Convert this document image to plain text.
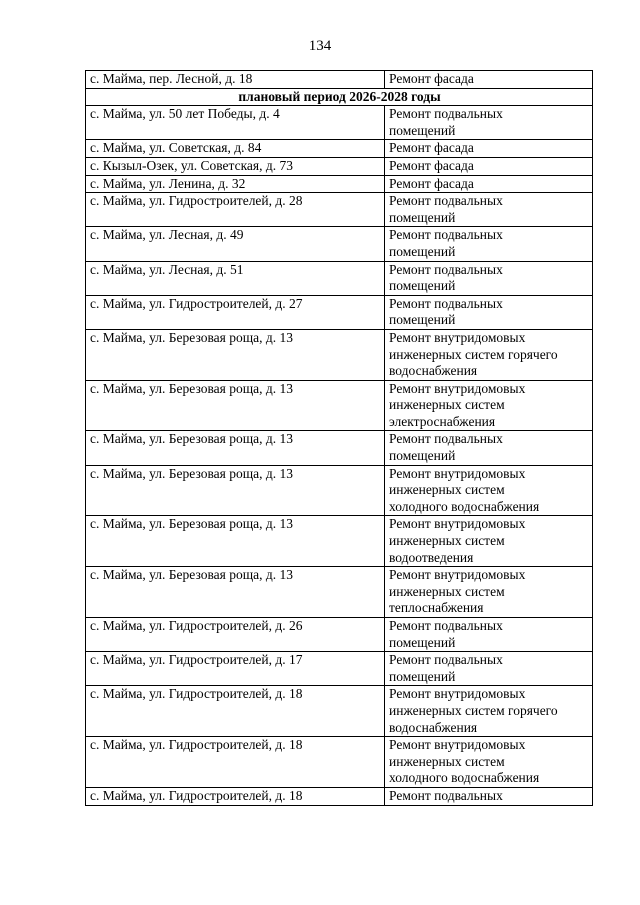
134
с. Майма, пер. Лесной, д. 18	Ремонт фасада

плановый период 2026-2028 годы	
с. Майма, ул. 50 лет Победы, д. 4	Ремонт подвальных
помещений

с. Майма, ул. Советская, д. 84	Ремонт фасада

с. Кызыл-Озек, ул. Советская, д. 73	Ремонт фасада

с. Майма, ул. Ленина, д. 32	Ремонт фасада

с. Майма, ул. Гидростроителей, д. 28	Ремонт подвальных
помещений

с. Майма, ул. Лесная, д. 49	Ремонт подвальных
помещений

с. Майма, ул. Лесная, д. 51	Ремонт подвальных
помещений

с. Майма, ул. Гидростроителей, д. 27	Ремонт подвальных
помещений

с. Майма, ул. Березовая роща, д. 13	Ремонт внутридомовых
инженерных систем горячего
водоснабжения

с. Майма, ул. Березовая роща, д. 13	Ремонт внутридомовых
инженерных систем
электроснабжения

с. Майма, ул. Березовая роща, д. 13	Ремонт подвальных
помещений

с. Майма, ул. Березовая роща, д. 13	Ремонт внутридомовых
инженерных систем
холодного водоснабжения

с. Майма, ул. Березовая роща, д. 13	Ремонт внутридомовых
инженерных систем
водоотведения

с. Майма, ул. Березовая роща, д. 13	Ремонт внутридомовых
инженерных систем
теплоснабжения

с. Майма, ул. Гидростроителей, д. 26	Ремонт подвальных
помещений

с. Майма, ул. Гидростроителей, д. 17	Ремонт подвальных
помещений

с. Майма, ул. Гидростроителей, д. 18	Ремонт внутридомовых
инженерных систем горячего
водоснабжения

с. Майма, ул. Гидростроителей, д. 18	Ремонт внутридомовых
инженерных систем
холодного водоснабжения

с. Майма, ул. Гидростроителей, д. 18	Ремонт подвальных
